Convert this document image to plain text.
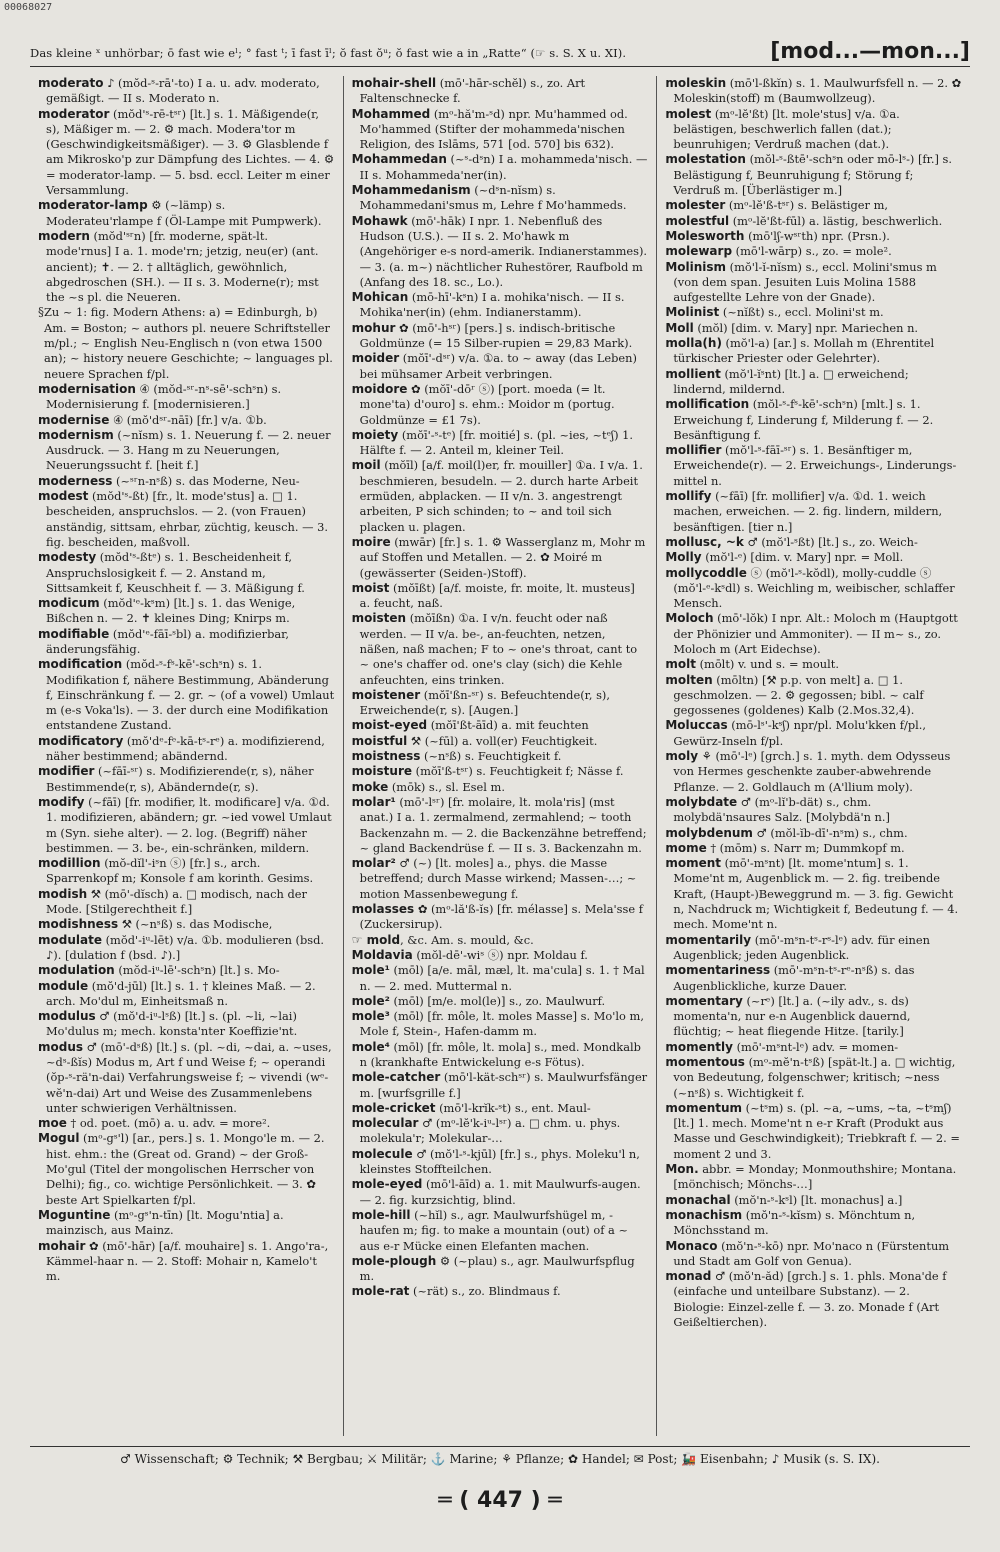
00068027
Das kleine ˣ unhörbar; ō fast wie eˡ; ° fast ᵗ; ī fast īˡ; ŏ fast ŏᵘ; ŏ fast wie a in „Ratte“ (☞ s. S. X u. XI).	[mod...—mon...]

moderato ♪ (mŏd-ˢ-rā'-to) I a. u. adv. moderato, gemäßigt. — II s. Moderato n.

moderator (mŏd'ˢ-rē-tˢʳ) [lt.] s. 1. Mäßigende(r, s), Mäßiger m. — 2. ⚙ mach. Modera'tor m (Geschwindigkeitsmäßiger). — 3. ⚙ Glasblende f am Mikrosko'p zur Dämpfung des Lichtes. — 4. ⚙ = moderator-lamp. — 5. bsd. eccl. Leiter m einer Versammlung.

moderator-lamp ⚙ (~lämp) s. Moderateu'rlampe f (Öl-Lampe mit Pumpwerk).

modern (mŏd'ˢʳn) [fr. moderne, spät-lt. mode'rnus] I a. 1. mode'rn; jetzig, neu(er) (ant. ancient); ✝. — 2. † alltäglich, gewöhnlich, abgedroschen (SH.). — II s. 3. Moderne(r); mst the ~s pl. die Neueren.

§ Zu ~ 1: fig. Modern Athens: a) = Edinburgh, b) Am. = Boston; ~ authors pl. neuere Schriftsteller m/pl.; ~ English Neu-Englisch n (von etwa 1500 an); ~ history neuere Geschichte; ~ languages pl. neuere Sprachen f/pl.

modernisation ④ (mŏd-ˢʳ-nˢ-sē'-schˢn) s. Modernisierung f. [modernisieren.]

modernise ④ (mŏ'dˢʳ-nāī) [fr.] v/a. ①b.

modernism (~nĭsm) s. 1. Neuerung f. — 2. neuer Ausdruck. — 3. Hang m zu Neuerungen, Neuerungssucht f. [heit f.]

moderness (~ˢʳn-nˢß) s. das Moderne, Neu-

modest (mŏd'ˢ-ßt) [fr., lt. mode'stus] a. □ 1. bescheiden, anspruchslos. — 2. (von Frauen) anständig, sittsam, ehrbar, züchtig, keusch. — 3. fig. bescheiden, maßvoll.

modesty (mŏd'ˢ-ßtᵉ) s. 1. Bescheidenheit f, Anspruchslosigkeit f. — 2. Anstand m, Sittsamkeit f, Keuschheit f. — 3. Mäßigung f.

modicum (mŏd'ᵉ-kˢm) [lt.] s. 1. das Wenige, Bißchen n. — 2. ✝ kleines Ding; Knirps m.

modifiable (mŏd'ᵉ-fāī-ˢbl) a. modifizierbar, änderungsfähig.

modification (mŏd-ˢ-fˢ-kē'-schˢn) s. 1. Modifikation f, nähere Bestimmung, Abänderung f, Einschränkung f. — 2. gr. ~ (of a vowel) Umlaut m (e-s Voka'ls). — 3. der durch eine Modifikation entstandene Zustand.

modificatory (mŏ'dᵉ-fᵉ-kā-tˢ-rᵉ) a. modifizierend, näher bestimmend; abändernd.

modifier (~fāī-ˢʳ) s. Modifizierende(r, s), näher Bestimmende(r, s), Abändernde(r, s).

modify (~fāī) [fr. modifier, lt. modificare] v/a. ①d. 1. modifizieren, abändern; gr. ~ied vowel Umlaut m (Syn. siehe alter). — 2. log. (Begriff) näher bestimmen. — 3. be-, ein-schränken, mildern.

modillion (mŏ-dĭl'-iˢn ⓢ) [fr.] s., arch. Sparrenkopf m; Konsole f am korinth. Gesims.

modish ⚒ (mō'-dĭsch) a. □ modisch, nach der Mode. [Stilgerechtheit f.]

modishness ⚒ (~nˢß) s. das Modische,

modulate (mŏd'-iᵘ-lēt) v/a. ①b. modulieren (bsd. ♪). [dulation f (bsd. ♪).]

modulation (mŏd-iᵘ-lē'-schˢn) [lt.] s. Mo-

module (mŏ'd-jūl) [lt.] s. 1. † kleines Maß. — 2. arch. Mo'dul m, Einheitsmaß n.

modulus ♂ (mŏ'd-iᵘ-lˢß) [lt.] s. (pl. ~li, ~lai) Mo'dulus m; mech. konsta'nter Koeffizie'nt.

modus ♂ (mō'-dˢß) [lt.] s. (pl. ~di, ~dai, a. ~uses, ~dˢ-ßĭs) Modus m, Art f und Weise f; ~ operandi (ŏp-ˢ-rä'n-dai) Verfahrungsweise f; ~ vivendi (wᵉ-wĕ'n-dai) Art und Weise des Zusammenlebens unter schwierigen Verhältnissen.

moe † od. poet. (mō) a. u. adv. = more².

Mogul (mᵒ-gˢ'l) [ar., pers.] s. 1. Mongo'le m. — 2. hist. ehm.: the (Great od. Grand) ~ der Groß-Mo'gul (Titel der mongolischen Herrscher von Delhi); fig., co. wichtige Persönlichkeit. — 3. ✿ beste Art Spielkarten f/pl.

Moguntine (mᵒ-gˢ'n-tīn) [lt. Mogu'ntia] a. mainzisch, aus Mainz.

mohair ✿ (mō'-hār) [a/f. mouhaire] s. 1. Ango'ra-, Kämmel-haar n. — 2. Stoff: Mohair n, Kamelo't m.

mohair-shell (mō'-hār-schĕl) s., zo. Art Faltenschnecke f.

Mohammed (mᵒ-hă'm-ˢd) npr. Mu'hammed od. Mo'hammed (Stifter der mohammeda'nischen Religion, des Islāms, 571 [od. 570] bis 632).

Mohammedan (~ˢ-dˢn) I a. mohammeda'nisch. — II s. Mohammeda'ner(in).

Mohammedanism (~dˢn-nĭsm) s. Mohammedani'smus m, Lehre f Mo'hammeds.

Mohawk (mō'-hāk) I npr. 1. Nebenfluß des Hudson (U.S.). — II s. 2. Mo'hawk m (Angehöriger e-s nord-amerik. Indianerstammes). — 3. (a. m~) nächtlicher Ruhestörer, Raufbold m (Anfang des 18. sc., Lo.).

Mohican (mō-hī'-kˢn) I a. mohika'nisch. — II s. Mohika'ner(in) (ehm. Indianerstamm).

mohur ✿ (mō'-hˢʳ) [pers.] s. indisch-britische Goldmünze (= 15 Silber-rupien = 29,83 Mark).

moider (mŏī'-dˢʳ) v/a. ①a. to ~ away (das Leben) bei mühsamer Arbeit verbringen.

moidore ✿ (mŏī'-dōʳ ⓢ) [port. moeda (= lt. mone'ta) d'ouro] s. ehm.: Moidor m (portug. Goldmünze = £1 7s).

moiety (mŏī'-ˢ-tᵉ) [fr. moitié] s. (pl. ~ies, ~tᵉʃ) 1. Hälfte f. — 2. Anteil m, kleiner Teil.

moil (mŏīl) [a/f. moil(l)er, fr. mouiller] ①a. I v/a. 1. beschmieren, besudeln. — 2. durch harte Arbeit ermüden, abplacken. — II v/n. 3. angestrengt arbeiten, P sich schinden; to ~ and toil sich placken u. plagen.

moire (mwār) [fr.] s. 1. ⚙ Wasserglanz m, Mohr m auf Stoffen und Metallen. — 2. ✿ Moiré m (gewässerter (Seiden-)Stoff).

moist (mŏīßt) [a/f. moiste, fr. moite, lt. musteus] a. feucht, naß.

moisten (mŏīßn) ①a. I v/n. feucht oder naß werden. — II v/a. be-, an-feuchten, netzen, näßen, naß machen; F to ~ one's throat, cant to ~ one's chaffer od. one's clay (sich) die Kehle anfeuchten, eins trinken.

moistener (mŏī'ßn-ˢʳ) s. Befeuchtende(r, s), Erweichende(r, s). [Augen.]

moist-eyed (mŏī'ßt-āīd) a. mit feuchten

moistful ⚒ (~fūl) a. voll(er) Feuchtigkeit.

moistness (~nˢß) s. Feuchtigkeit f.

moisture (mŏī'ß-tˢʳ) s. Feuchtigkeit f; Nässe f.

moke (mōk) s., sl. Esel m.

molar¹ (mō'-lˢʳ) [fr. molaire, lt. mola'ris] (mst anat.) I a. 1. zermalmend, zermahlend; ~ tooth Backenzahn m. — 2. die Backenzähne betreffend; ~ gland Backendrüse f. — II s. 3. Backenzahn m.

molar² ♂ (~) [lt. moles] a., phys. die Masse betreffend; durch Masse wirkend; Massen-…; ~ motion Massenbewegung f.

molasses ✿ (mᵒ-lă'ß-ĭs) [fr. mélasse] s. Mela'sse f (Zuckersirup).

☞ mold, &c. Am. s. mould, &c.

Moldavia (mŏl-dē'-wiˢ ⓢ) npr. Moldau f.

mole¹ (mōl) [a/e. māl, mæl, lt. ma'cula] s. 1. † Mal n. — 2. med. Muttermal n.

mole² (mōl) [m/e. mol(le)] s., zo. Maulwurf.

mole³ (mōl) [fr. môle, lt. moles Masse] s. Mo'lo m, Mole f, Stein-, Hafen-damm m.

mole⁴ (mōl) [fr. môle, lt. mola] s., med. Mondkalb n (krankhafte Entwickelung e-s Fötus).

mole-catcher (mō'l-kät-schˢʳ) s. Maulwurfsfänger m. [wurfsgrille f.]

mole-cricket (mō'l-krĭk-ˢt) s., ent. Maul-

molecular ♂ (mᵒ-lĕ'k-iᵘ-lˢʳ) a. □ chm. u. phys. molekula'r; Molekular-…

molecule ♂ (mŏ'l-ˢ-kjūl) [fr.] s., phys. Moleku'l n, kleinstes Stoffteilchen.

mole-eyed (mō'l-āīd) a. 1. mit Maulwurfs-augen. — 2. fig. kurzsichtig, blind.

mole-hill (~hĭl) s., agr. Maulwurfshügel m, -haufen m; fig. to make a mountain (out) of a ~ aus e-r Mücke einen Elefanten machen.

mole-plough ⚙ (~plau) s., agr. Maulwurfspflug m.

mole-rat (~rät) s., zo. Blindmaus f.

moleskin (mō'l-ßkĭn) s. 1. Maulwurfsfell n. — 2. ✿ Moleskin(stoff) m (Baumwollzeug).

molest (mᵒ-lĕ'ßt) [lt. mole'stus] v/a. ①a. belästigen, beschwerlich fallen (dat.); beunruhigen; Verdruß machen (dat.).

molestation (mŏl-ˢ-ßtē'-schˢn oder mō-lˢ-) [fr.] s. Belästigung f, Beunruhigung f; Störung f; Verdruß m. [Überlästiger m.]

molester (mᵒ-lĕ'ß-tˢʳ) s. Belästiger m,

molestful (mᵒ-lĕ'ßt-fūl) a. lästig, beschwerlich.

Molesworth (mō'lʃ-wˢʳth) npr. (Prsn.).

molewarp (mō'l-wārp) s., zo. = mole².

Molinism (mŏ'l-ĭ-nĭsm) s., eccl. Molini'smus m (von dem span. Jesuiten Luis Molina 1588 aufgestellte Lehre von der Gnade).

Molinist (~nĭßt) s., eccl. Molini'st m.

Moll (mŏl) [dim. v. Mary] npr. Mariechen n.

molla(h) (mŏ'l-a) [ar.] s. Mollah m (Ehrentitel türkischer Priester oder Gelehrter).

mollient (mŏ'l-ĭˢnt) [lt.] a. □ erweichend; lindernd, mildernd.

mollification (mŏl-ˢ-fˢ-kē'-schˢn) [mlt.] s. 1. Erweichung f, Linderung f, Milderung f. — 2. Besänftigung f.

mollifier (mŏ'l-ˢ-fāī-ˢʳ) s. 1. Besänftiger m, Erweichende(r). — 2. Erweichungs-, Linderungs-mittel n.

mollify (~fāī) [fr. mollifier] v/a. ①d. 1. weich machen, erweichen. — 2. fig. lindern, mildern, besänftigen. [tier n.]

mollusc, ~k ♂ (mŏ'l-ˢßt) [lt.] s., zo. Weich-

Molly (mŏ'l-ᵉ) [dim. v. Mary] npr. = Moll.

mollycoddle ⓢ (mŏ'l-ˢ-kŏdl), molly-cuddle ⓢ (mŏ'l-ᵉ-kˢdl) s. Weichling m, weibischer, schlaffer Mensch.

Moloch (mō'-lŏk) I npr. Alt.: Moloch m (Hauptgott der Phönizier und Ammoniter). — II m~ s., zo. Moloch m (Art Eidechse).

molt (mōlt) v. und s. = moult.

molten (mōltn) [⚒ p.p. von melt] a. □ 1. geschmolzen. — 2. ⚙ gegossen; bibl. ~ calf gegossenes (goldenes) Kalb (2.Mos.32,4).

Moluccas (mō-lˢ'-kˢʃ) npr/pl. Molu'kken f/pl., Gewürz-Inseln f/pl.

moly ⚘ (mō'-lᵉ) [grch.] s. 1. myth. dem Odysseus von Hermes geschenkte zauber-abwehrende Pflanze. — 2. Goldlauch m (A'llium moly).

molybdate ♂ (mᵒ-lĭ'b-dät) s., chm. molybdä'nsaures Salz. [Molybdä'n n.]

molybdenum ♂ (mŏl-ĭb-dī'-nˢm) s., chm.

mome † (mōm) s. Narr m; Dummkopf m.

moment (mō'-mˢnt) [lt. mome'ntum] s. 1. Mome'nt m, Augenblick m. — 2. fig. treibende Kraft, (Haupt-)Beweggrund m. — 3. fig. Gewicht n, Nachdruck m; Wichtigkeit f, Bedeutung f. — 4. mech. Mome'nt n.

momentarily (mō'-mˢn-tˢ-rˢ-lᵉ) adv. für einen Augenblick; jeden Augenblick.

momentariness (mō'-mˢn-tˢ-rᵉ-nˢß) s. das Augenblickliche, kurze Dauer.

momentary (~rᵉ) [lt.] a. (~ily adv., s. ds) momenta'n, nur e-n Augenblick dauernd, flüchtig; ~ heat fliegende Hitze. [tarily.]

momently (mō'-mˢnt-lᵉ) adv. = momen-

momentous (mᵒ-mĕ'n-tˢß) [spät-lt.] a. □ wichtig, von Bedeutung, folgenschwer; kritisch; ~ness (~nˢß) s. Wichtigkeit f.

momentum (~tˢm) s. (pl. ~a, ~ums, ~ta, ~tˢmʃ) [lt.] 1. mech. Mome'nt n e-r Kraft (Produkt aus Masse und Geschwindigkeit); Triebkraft f. — 2. = moment 2 und 3.

Mon. abbr. = Monday; Monmouthshire; Montana. [mönchisch; Mönchs-…]

monachal (mŏ'n-ˢ-kˢl) [lt. monachus] a.]

monachism (mŏ'n-ˢ-kĭsm) s. Mönchtum n, Mönchsstand m.

Monaco (mŏ'n-ˢ-kō) npr. Mo'naco n (Fürstentum und Stadt am Golf von Genua).

monad ♂ (mŏ'n-ăd) [grch.] s. 1. phls. Mona'de f (einfache und unteilbare Substanz). — 2. Biologie: Einzel-zelle f. — 3. zo. Monade f (Art Geißeltierchen).

♂ Wissenschaft; ⚙ Technik; ⚒ Bergbau; ⚔ Militär; ⚓ Marine; ⚘ Pflanze; ✿ Handel; ✉ Post; 🚂 Eisenbahn; ♪ Musik (s. S. IX).
═ ( 447 ) ═
